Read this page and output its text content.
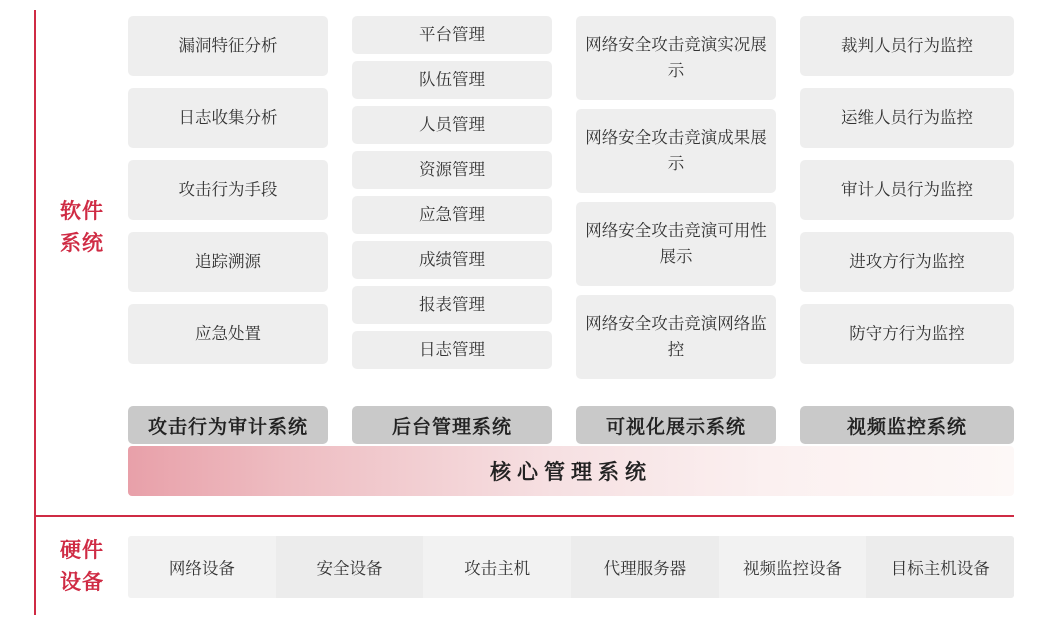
软件
系统
硬件
设备
漏洞特征分析
日志收集分析
攻击行为手段
追踪溯源
应急处置
攻击行为审计系统
平台管理
队伍管理
人员管理
资源管理
应急管理
成绩管理
报表管理
日志管理
后台管理系统
网络安全攻击竞演实况展示
网络安全攻击竞演成果展示
网络安全攻击竞演可用性展示
网络安全攻击竞演网络监控
可视化展示系统
裁判人员行为监控
运维人员行为监控
审计人员行为监控
进攻方行为监控
防守方行为监控
视频监控系统
核心管理系统
网络设备	安全设备	攻击主机	代理服务器	视频监控设备	目标主机设备
